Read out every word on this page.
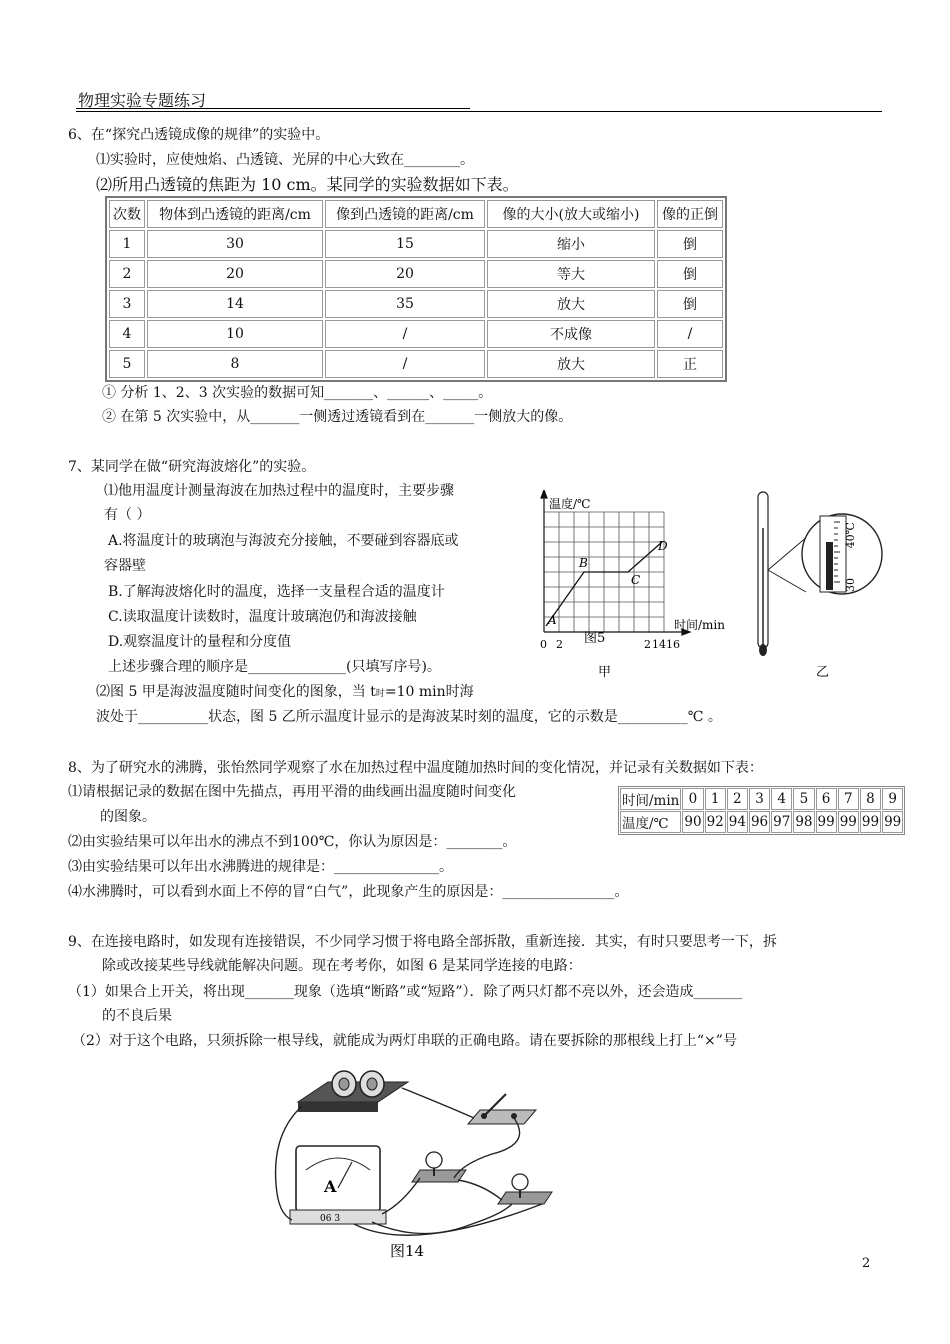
物理实验专题练习
6、在“探究凸透镜成像的规律”的实验中。
⑴实验时，应使烛焰、凸透镜、光屏的中心大致在________。
⑵所用凸透镜的焦距为 10 cm。某同学的实验数据如下表。
次数	物体到凸透镜的距离/cm	像到凸透镜的距离/cm	像的大小(放大或缩小)	像的正倒
1	30	15	缩小	倒
2	20	20	等大	倒
3	14	35	放大	倒
4	10	/	不成像	/
5	8	/	放大	正
① 分析 1、2、3 次实验的数据可知_______、______、_____。
② 在第 5 次实验中，从_______一侧透过透镜看到在_______一侧放大的像。
7、某同学在做“研究海波熔化”的实验。
⑴他用温度计测量海波在加热过程中的温度时，主要步骤
有（ ）
A.将温度计的玻璃泡与海波充分接触，不要碰到容器底或
容器壁
B.了解海波熔化时的温度，选择一支量程合适的温度计
C.读取温度计读数时，温度计玻璃泡仍和海波接触
D.观察温度计的量程和分度值
上述步骤合理的顺序是______________(只填写序号)。
⑵图 5 甲是海波温度随时间变化的图象，当 t时=10 min时海
波处于__________状态，图 5 乙所示温度计显示的是海波某时刻的温度，它的示数是__________℃ 。
温度/℃
时间/min
A
B
C
D
图5
0 2	2 14 16
甲
40℃
30
乙
8、为了研究水的沸腾，张怡然同学观察了水在加热过程中温度随加热时间的变化情况，并记录有关数据如下表：
⑴请根据记录的数据在图中先描点，再用平滑的曲线画出温度随时间变化
的图象。
⑵由实验结果可以年出水的沸点不到100℃，你认为原因是：________。
⑶由实验结果可以年出水沸腾进的规律是：_______________。
⑷水沸腾时，可以看到水面上不停的冒“白气”，此现象产生的原因是：________________。
时间/min	0	1	2	3	4	5	6	7	8	9
温度/℃	90	92	94	96	97	98	99	99	99	99
9、在连接电路时，如发现有连接错误，不少同学习惯于将电路全部拆散，重新连接．其实，有时只要思考一下，拆
除或改接某些导线就能解决问题。现在考考你，如图 6 是某同学连接的电路：
（1）如果合上开关，将出现_______现象（选填“断路”或“短路”）．除了两只灯都不亮以外，还会造成_______
的不良后果
（2）对于这个电路，只须拆除一根导线，就能成为两灯串联的正确电路。请在要拆除的那根线上打上“×”号
A
06 3
图14
2
